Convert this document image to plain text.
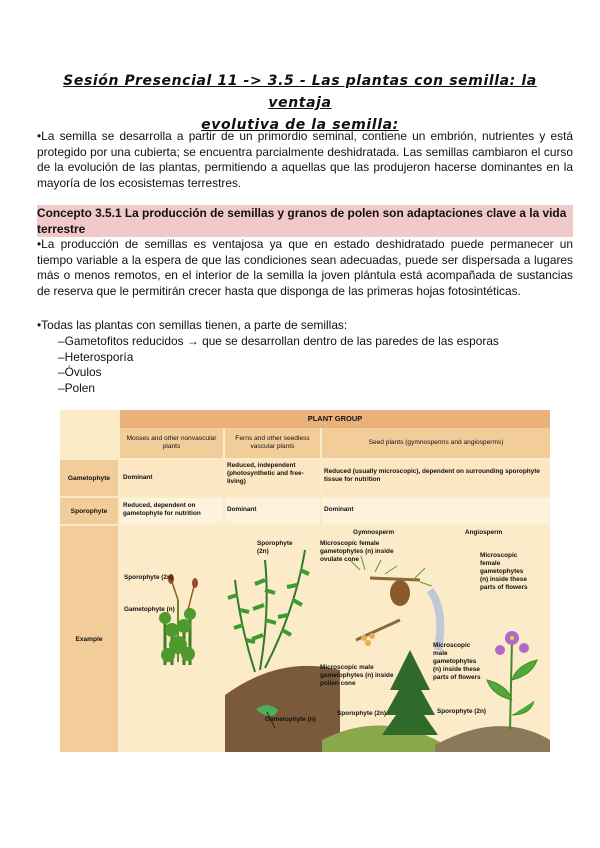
Sesión Presencial 11 -> 3.5 - Las plantas con semilla: la ventaja
evolutiva de la semilla:

•La semilla se desarrolla a partir de un primordio seminal, contiene un embrión, nutrientes y está protegido por una cubierta; se encuentra parcialmente deshidratada. Las semillas cambiaron el curso de la evolución de las plantas, permitiendo a aquellas que las produjeron hacerse dominantes en la mayoría de los ecosistemas terrestres.

Concepto 3.5.1 La producción de semillas y granos de polen son adaptaciones clave a la vida terrestre

•La producción de semillas es ventajosa ya que en estado deshidratado puede permanecer un tiempo variable a la espera de que las condiciones sean adecuadas, puede ser dispersada a lugares más o menos remotos, en el interior de la semilla la joven plántula está acompañada de sustancias de reserva que le permitirán crecer hasta que disponga de las primeras hojas fotosintéticas.

•Todas las plantas con semillas tienen, a parte de semillas:

–Gametofitos reducidos → que se desarrollan dentro de las paredes de las esporas

–Heterosporía

–Óvulos

–Polen

PLANT GROUP
Mosses and other nonvascular plants
Ferns and other seedless vascular plants
Seed plants (gymnosperms and angiosperms)
Gametophyte
Sporophyte
Example
Dominant
Reduced, independent (photosynthetic and free-living)
Reduced (usually microscopic), dependent on surrounding sporophyte tissue for nutrition
Reduced, dependent on gametophyte for nutrition
Dominant	Dominant
Sporophyte (2n)
Gametophyte (n)
Sporophyte (2n)
Gametophyte (n)
Gymnosperm	Angiosperm
Microscopic female gametophytes (n) inside ovulate cone
Microscopic male gametophytes (n) inside pollen cone
Sporophyte (2n)
Microscopic female gametophytes (n) inside these parts of flowers
Microscopic male gametophytes (n) inside these parts of flowers
Sporophyte (2n)
